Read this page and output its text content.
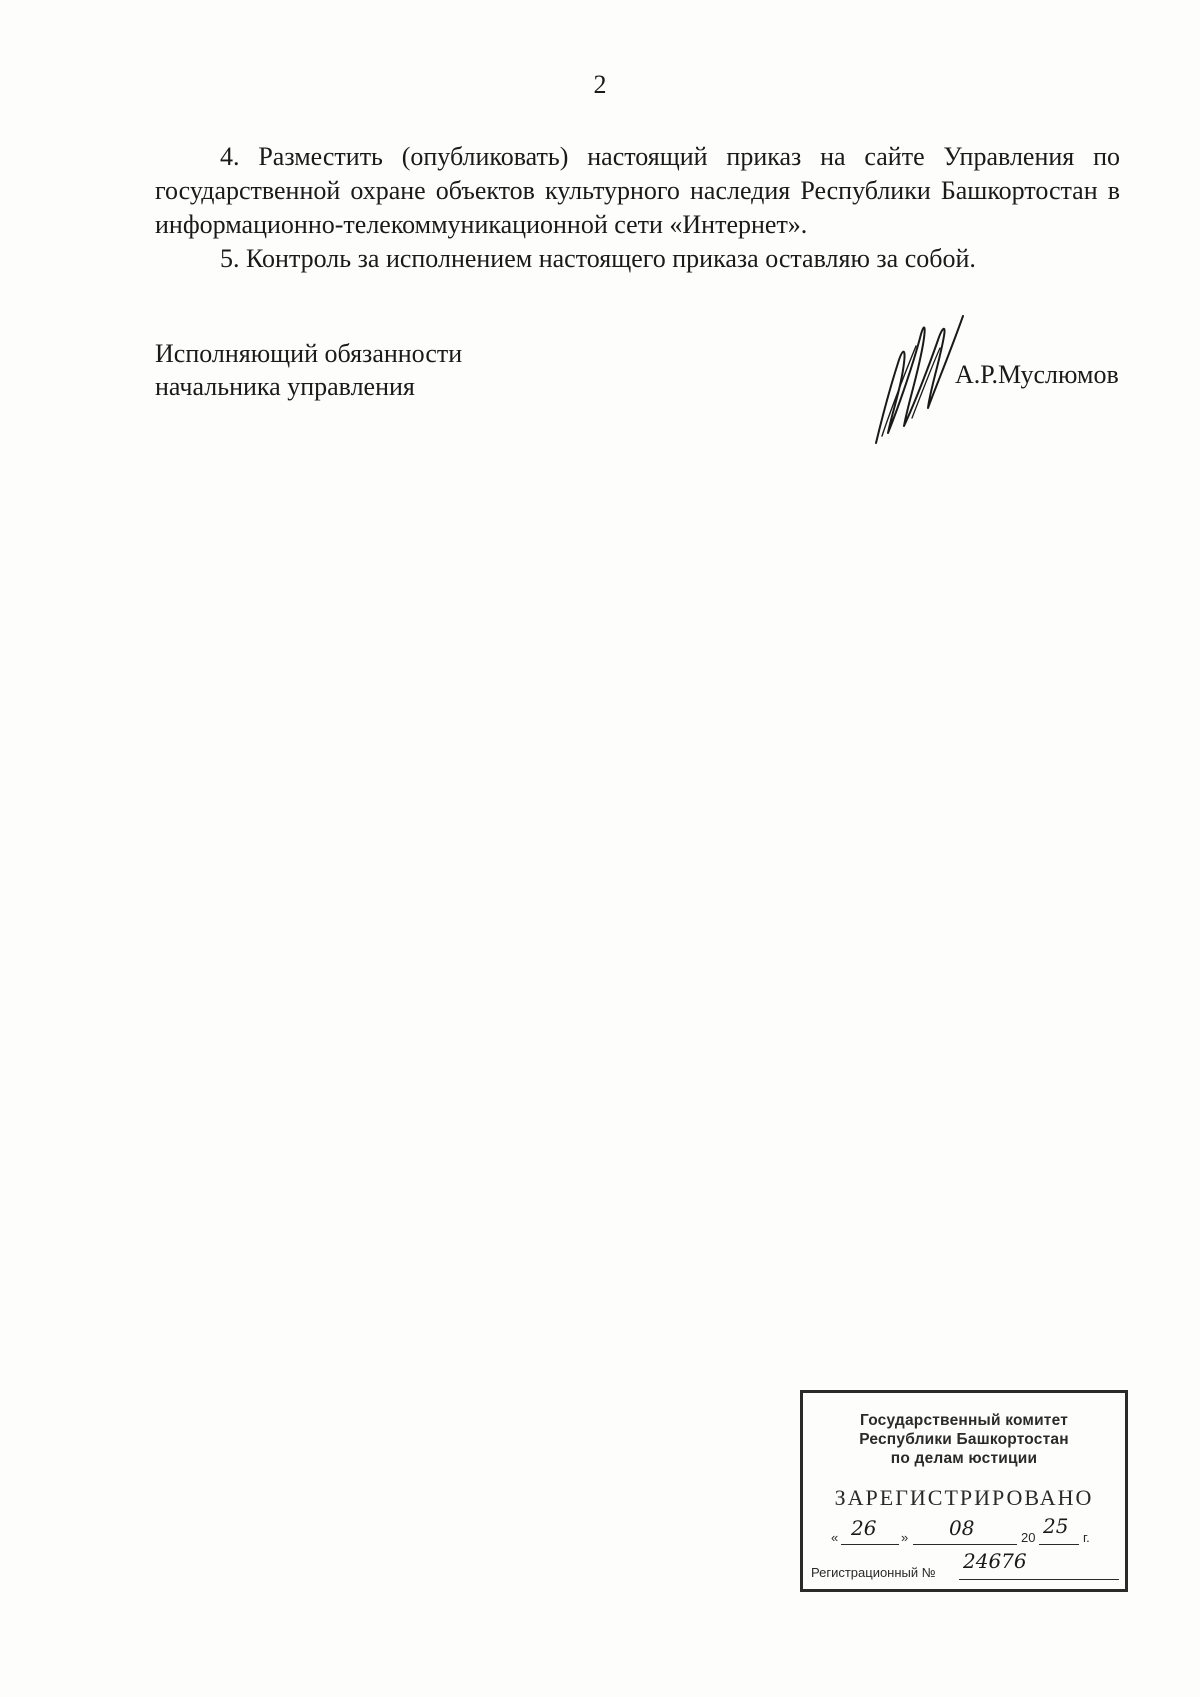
2

4. Разместить (опубликовать) настоящий приказ на сайте Управления по государственной охране объектов культурного наследия Республики Башкортостан в информационно-телекоммуникационной сети «Интернет».

5. Контроль за исполнением настоящего приказа оставляю за собой.

Исполняющий обязанности
начальника управления	А.Р.Муслюмов
Государственный комитет
Республики Башкортостан
по делам юстиции
ЗАРЕГИСТРИРОВАНО
« 26 » 08	20 25 г.
Регистрационный № 24676
